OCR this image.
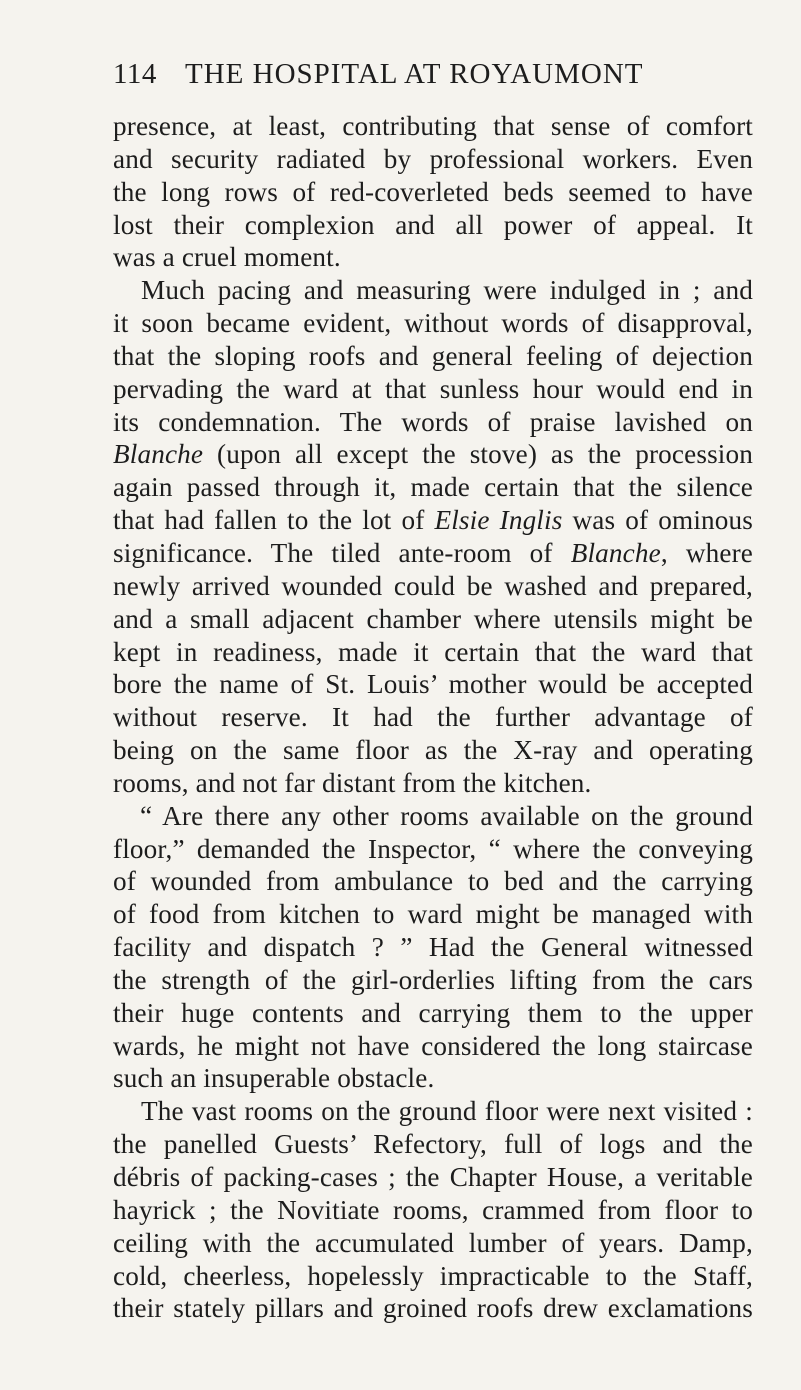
114 THE HOSPITAL AT ROYAUMONT
presence, at least, contributing that sense of comfort
and security radiated by professional workers. Even
the long rows of red-coverleted beds seemed to have
lost their complexion and all power of appeal. It
was a cruel moment.
Much pacing and measuring were indulged in ; and
it soon became evident, without words of disapproval,
that the sloping roofs and general feeling of dejection
pervading the ward at that sunless hour would end in
its condemnation. The words of praise lavished on
Blanche (upon all except the stove) as the procession
again passed through it, made certain that the silence
that had fallen to the lot of Elsie Inglis was of ominous
significance. The tiled ante-room of Blanche, where
newly arrived wounded could be washed and prepared,
and a small adjacent chamber where utensils might be
kept in readiness, made it certain that the ward that
bore the name of St. Louis’ mother would be accepted
without reserve. It had the further advantage of
being on the same floor as the X-ray and operating
rooms, and not far distant from the kitchen.
“ Are there any other rooms available on the ground
floor,” demanded the Inspector, “ where the conveying
of wounded from ambulance to bed and the carrying
of food from kitchen to ward might be managed with
facility and dispatch ? ” Had the General witnessed
the strength of the girl-orderlies lifting from the cars
their huge contents and carrying them to the upper
wards, he might not have considered the long staircase
such an insuperable obstacle.
The vast rooms on the ground floor were next visited :
the panelled Guests’ Refectory, full of logs and the
débris of packing-cases ; the Chapter House, a veritable
hayrick ; the Novitiate rooms, crammed from floor to
ceiling with the accumulated lumber of years. Damp,
cold, cheerless, hopelessly impracticable to the Staff,
their stately pillars and groined roofs drew exclamations
